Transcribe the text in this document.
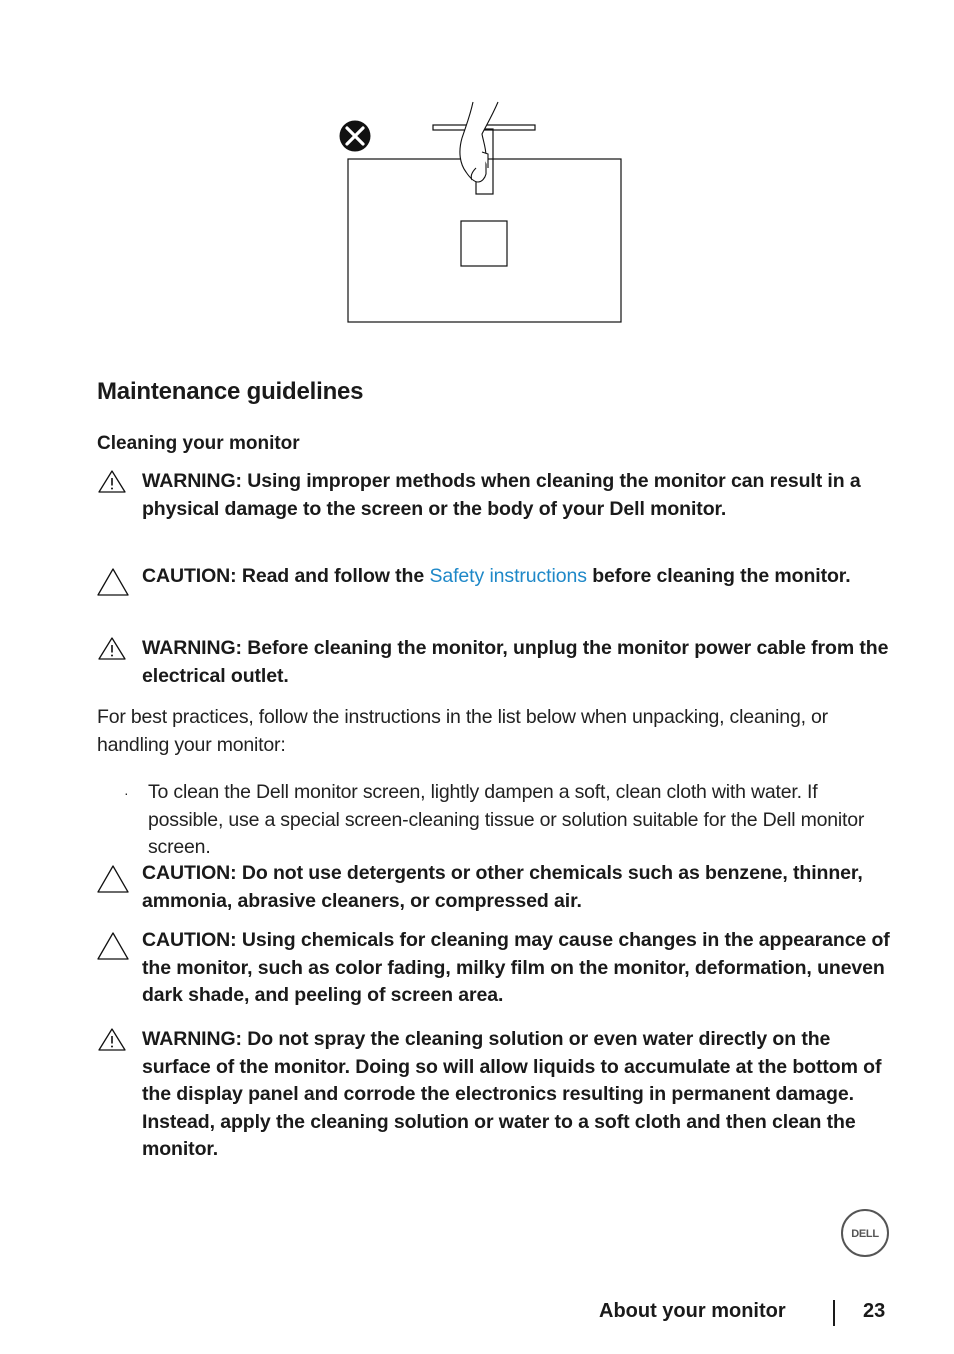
Maintenance guidelines
Cleaning your monitor
WARNING: Using improper methods when cleaning the monitor can result in a physical damage to the screen or the body of your Dell monitor.
CAUTION: Read and follow the Safety instructions before cleaning the monitor.
WARNING: Before cleaning the monitor, unplug the monitor power cable from the electrical outlet.
For best practices, follow the instructions in the list below when unpacking, cleaning, or handling your monitor:
· To clean the Dell monitor screen, lightly dampen a soft, clean cloth with water. If possible, use a special screen-cleaning tissue or solution suitable for the Dell monitor screen.
CAUTION: Do not use detergents or other chemicals such as benzene, thinner, ammonia, abrasive cleaners, or compressed air.
CAUTION: Using chemicals for cleaning may cause changes in the appearance of the monitor, such as color fading, milky film on the monitor, deformation, uneven dark shade, and peeling of screen area.
WARNING: Do not spray the cleaning solution or even water directly on the surface of the monitor. Doing so will allow liquids to accumulate at the bottom of the display panel and corrode the electronics resulting in permanent damage. Instead, apply the cleaning solution or water to a soft cloth and then clean the monitor.
DELL
About your monitor	23
